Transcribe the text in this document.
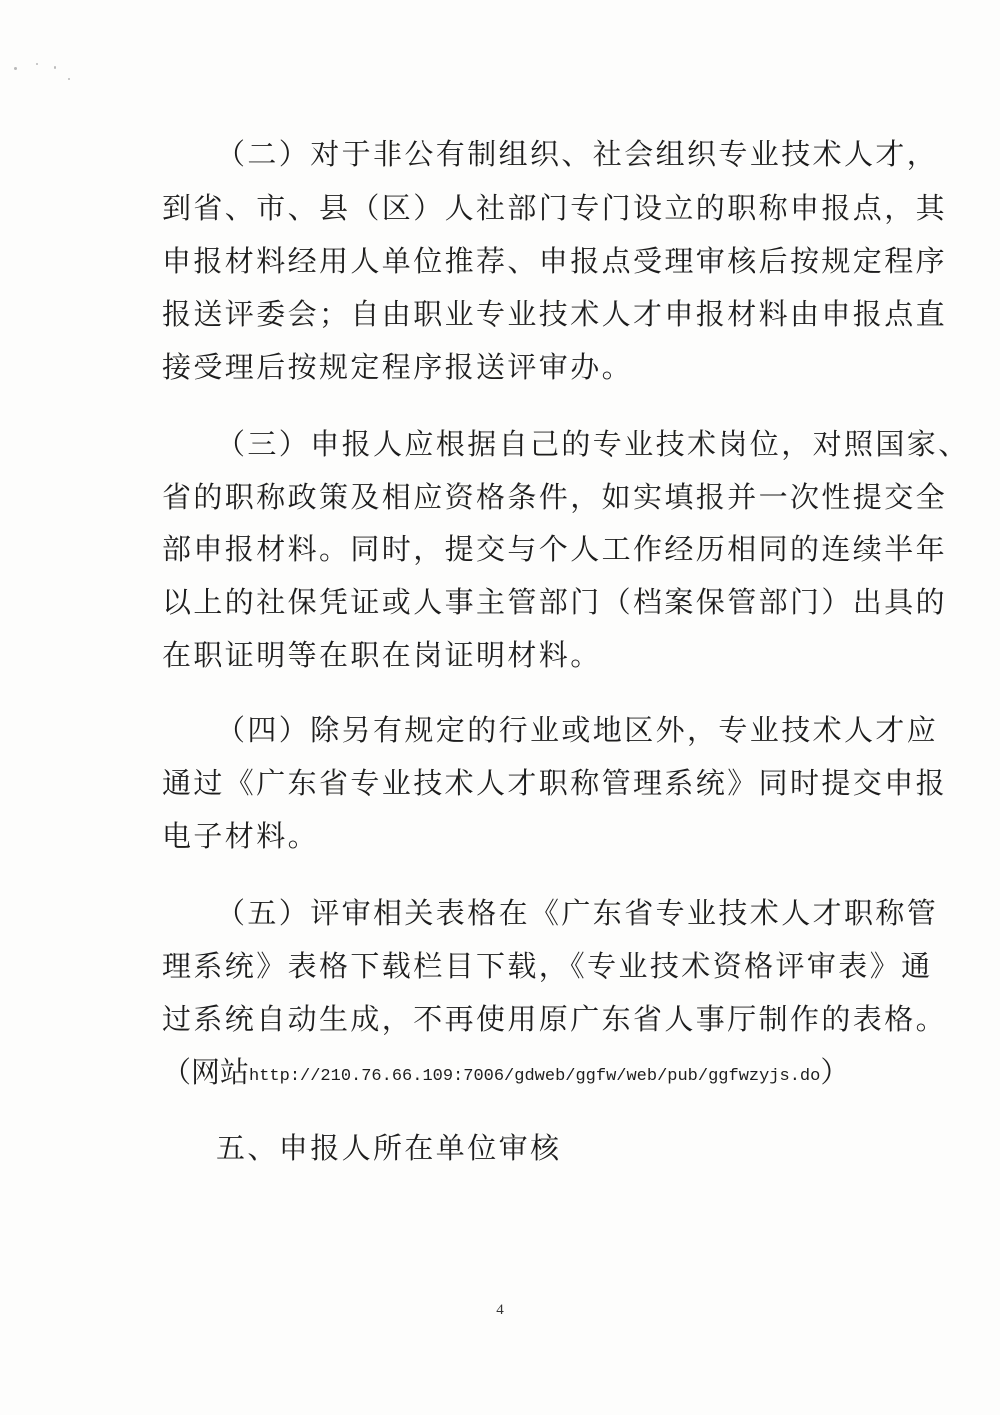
（二）对于非公有制组织、社会组织专业技术人才，
到省、市、县（区）人社部门专门设立的职称申报点，其
申报材料经用人单位推荐、申报点受理审核后按规定程序
报送评委会；自由职业专业技术人才申报材料由申报点直
接受理后按规定程序报送评审办。
（三）申报人应根据自己的专业技术岗位，对照国家、
省的职称政策及相应资格条件，如实填报并一次性提交全
部申报材料。同时，提交与个人工作经历相同的连续半年
以上的社保凭证或人事主管部门（档案保管部门）出具的
在职证明等在职在岗证明材料。
（四）除另有规定的行业或地区外，专业技术人才应
通过《广东省专业技术人才职称管理系统》同时提交申报
电子材料。
（五）评审相关表格在《广东省专业技术人才职称管
理系统》表格下载栏目下载，《专业技术资格评审表》通
过系统自动生成，不再使用原广东省人事厅制作的表格。
（网站http://210.76.66.109:7006/gdweb/ggfw/web/pub/ggfwzyjs.do）
五、申报人所在单位审核
4
